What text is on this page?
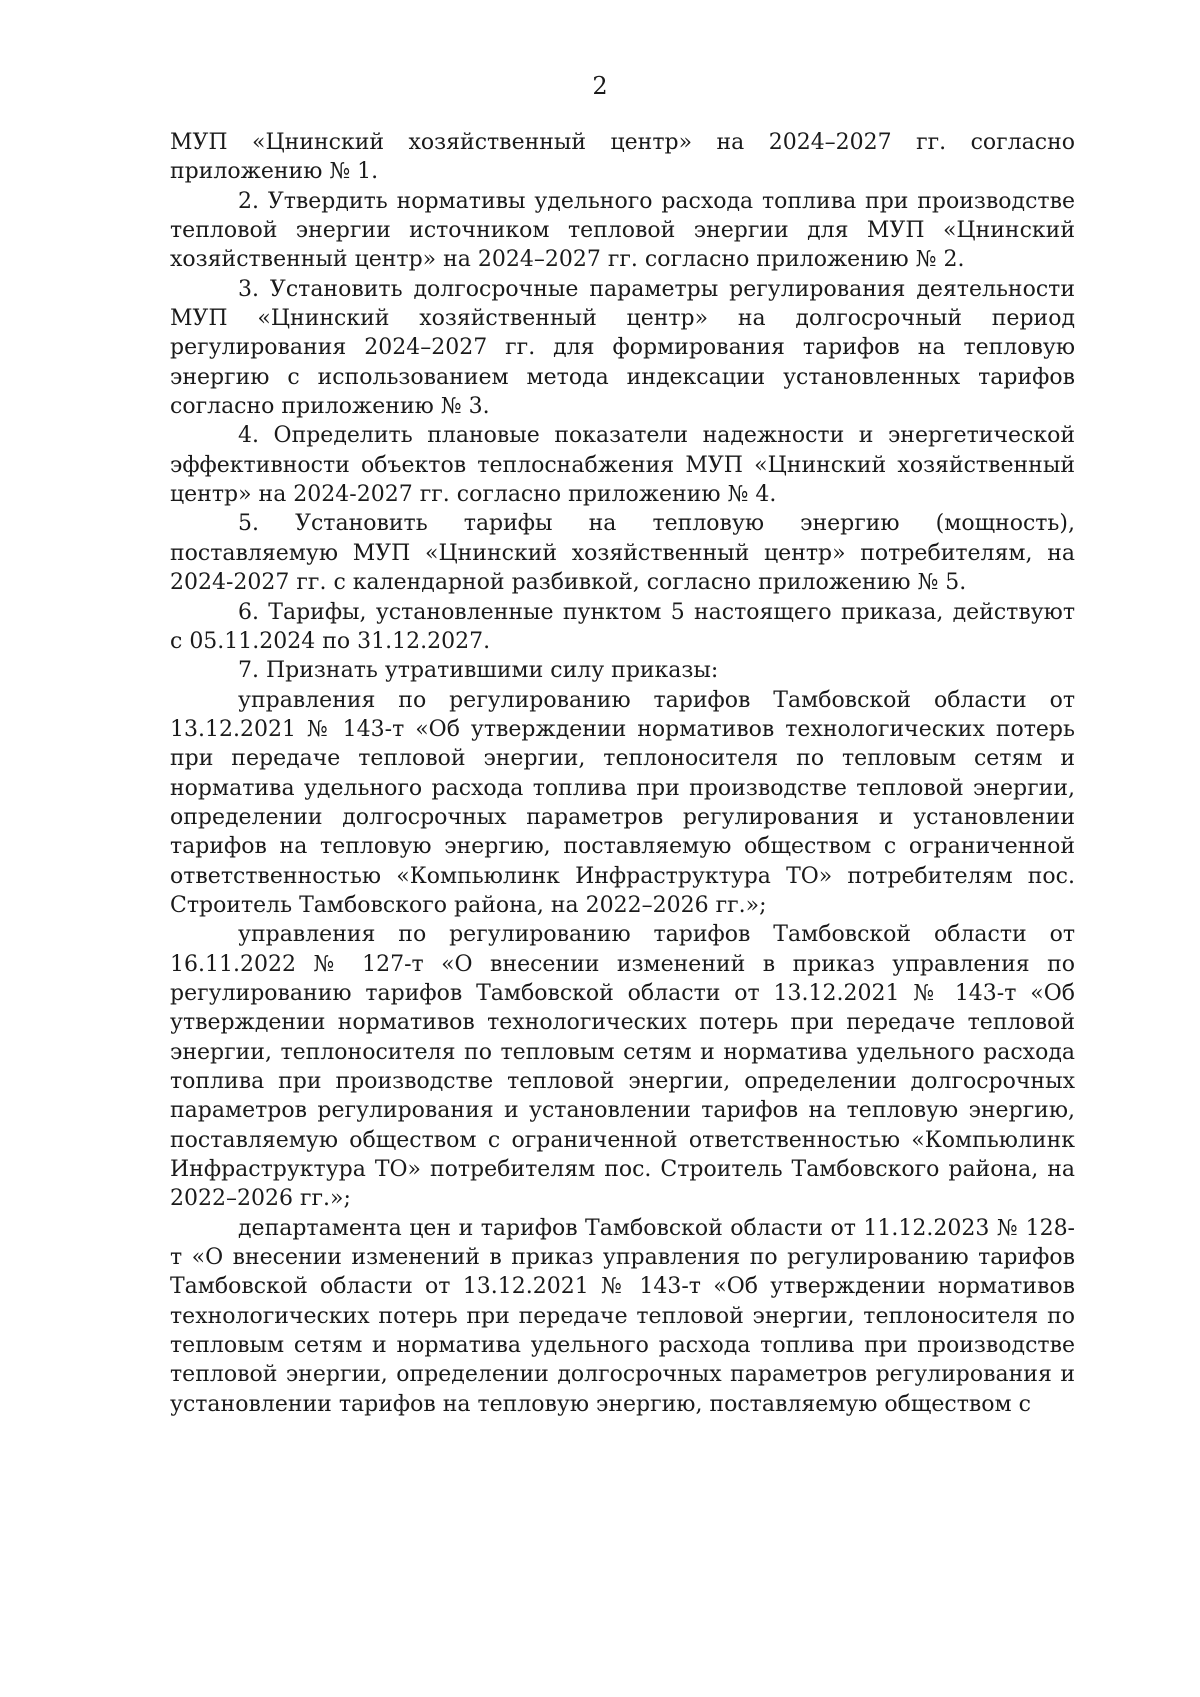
2

МУП «Цнинский хозяйственный центр» на 2024–2027 гг. согласно приложению № 1.

2. Утвердить нормативы удельного расхода топлива при производстве тепловой энергии источником тепловой энергии для МУП «Цнинский хозяйственный центр» на 2024–2027 гг. согласно приложению № 2.

3. Установить долгосрочные параметры регулирования деятельности МУП «Цнинский хозяйственный центр» на долгосрочный период регулирования 2024–2027 гг. для формирования тарифов на тепловую энергию с использованием метода индексации установленных тарифов согласно приложению № 3.

4. Определить плановые показатели надежности и энергетической эффективности объектов теплоснабжения МУП «Цнинский хозяйственный центр» на 2024-2027 гг. согласно приложению № 4.

5. Установить тарифы на тепловую энергию (мощность), поставляемую МУП «Цнинский хозяйственный центр» потребителям, на 2024-2027 гг. с календарной разбивкой, согласно приложению № 5.

6. Тарифы, установленные пунктом 5 настоящего приказа, действуют с 05.11.2024 по 31.12.2027.

7. Признать утратившими силу приказы:

управления по регулированию тарифов Тамбовской области от 13.12.2021 № 143-т «Об утверждении нормативов технологических потерь при передаче тепловой энергии, теплоносителя по тепловым сетям и норматива удельного расхода топлива при производстве тепловой энергии, определении долгосрочных параметров регулирования и установлении тарифов на тепловую энергию, поставляемую обществом с ограниченной ответственностью «Компьюлинк Инфраструктура ТО» потребителям пос. Строитель Тамбовского района, на 2022–2026 гг.»;

управления по регулированию тарифов Тамбовской области от 16.11.2022 № 127-т «О внесении изменений в приказ управления по регулированию тарифов Тамбовской области от 13.12.2021 № 143-т «Об утверждении нормативов технологических потерь при передаче тепловой энергии, теплоносителя по тепловым сетям и норматива удельного расхода топлива при производстве тепловой энергии, определении долгосрочных параметров регулирования и установлении тарифов на тепловую энергию, поставляемую обществом с ограниченной ответственностью «Компьюлинк Инфраструктура ТО» потребителям пос. Строитель Тамбовского района, на 2022–2026 гг.»;

департамента цен и тарифов Тамбовской области от 11.12.2023 № 128-т «О внесении изменений в приказ управления по регулированию тарифов Тамбовской области от 13.12.2021 № 143-т «Об утверждении нормативов технологических потерь при передаче тепловой энергии, теплоносителя по тепловым сетям и норматива удельного расхода топлива при производстве тепловой энергии, определении долгосрочных параметров регулирования и установлении тарифов на тепловую энергию, поставляемую обществом с
